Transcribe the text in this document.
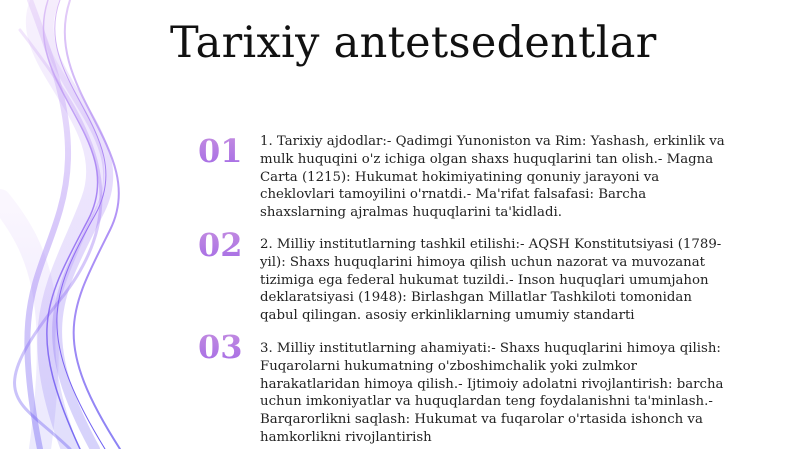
Tarixiy antetsedentlar
01 1. Tarixiy ajdodlar:- Qadimgi Yunoniston va Rim: Yashash, erkinlik va mulk huquqini o'z ichiga olgan shaxs huquqlarini tan olish.- Magna Carta (1215): Hukumat hokimiyatining qonuniy jarayoni va cheklovlari tamoyilini o'rnatdi.- Ma'rifat falsafasi: Barcha shaxslarning ajralmas huquqlarini ta'kidladi.
02 2. Milliy institutlarning tashkil etilishi:- AQSH Konstitutsiyasi (1789-yil): Shaxs huquqlarini himoya qilish uchun nazorat va muvozanat tizimiga ega federal hukumat tuzildi.- Inson huquqlari umumjahon deklaratsiyasi (1948): Birlashgan Millatlar Tashkiloti tomonidan qabul qilingan. asosiy erkinliklarning umumiy standarti
03 3. Milliy institutlarning ahamiyati:- Shaxs huquqlarini himoya qilish: Fuqarolarni hukumatning o'zboshimchalik yoki zulmkor harakatlaridan himoya qilish.- Ijtimoiy adolatni rivojlantirish: barcha uchun imkoniyatlar va huquqlardan teng foydalanishni ta'minlash.- Barqarorlikni saqlash: Hukumat va fuqarolar o'rtasida ishonch va hamkorlikni rivojlantirish
